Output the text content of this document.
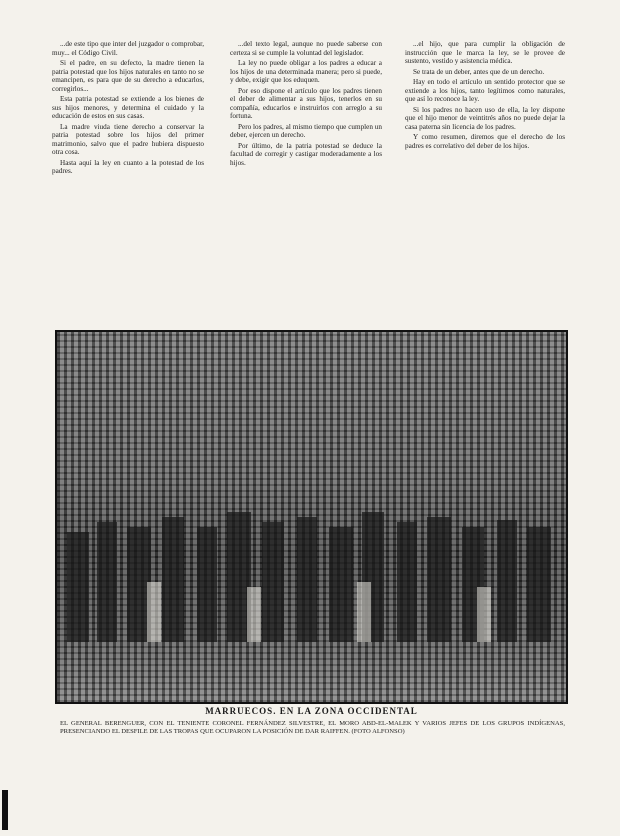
...de este tipo que inter del juzgador o comprobar, muy... el Código Civil.

Si el padre, en su defecto, la madre tienen la patria potestad que los hijos naturales en tanto no se emancipen, es para que de su derecho a educarlos, corregirlos...

Esta patria potestad se extiende a los bienes de sus hijos menores, y determina el cuidado y la educación de estos en sus casas.

La madre viuda tiene derecho a conservar la patria potestad sobre los hijos del primer matrimonio, salvo que el padre hubiera dispuesto otra cosa.

Hasta aquí la ley en cuanto a la potestad de los padres.

...del texto legal, aunque no puede saberse con certeza si se cumple la voluntad del legislador.

La ley no puede obligar a los padres a educar a los hijos de una determinada manera; pero si puede, y debe, exigir que los eduquen.

Por eso dispone el artículo que los padres tienen el deber de alimentar a sus hijos, tenerlos en su compañía, educarlos e instruirlos con arreglo a su fortuna.

Pero los padres, al mismo tiempo que cumplen un deber, ejercen un derecho.

Por último, de la patria potestad se deduce la facultad de corregir y castigar moderadamente a los hijos.

...el hijo, que para cumplir la obligación de instrucción que le marca la ley, se le provee de sustento, vestido y asistencia médica.

Se trata de un deber, antes que de un derecho.

Hay en todo el artículo un sentido protector que se extiende a los hijos, tanto legítimos como naturales, que así lo reconoce la ley.

Si los padres no hacen uso de ella, la ley dispone que el hijo menor de veintitrés años no puede dejar la casa paterna sin licencia de los padres.

Y como resumen, diremos que el derecho de los padres es correlativo del deber de los hijos.

MARRUECOS. EN LA ZONA OCCIDENTAL
EL GENERAL BERENGUER, CON EL TENIENTE CORONEL FERNÁNDEZ SILVESTRE, EL MORO ABD-EL-MALEK Y VARIOS JEFES DE LOS GRUPOS INDÍGENAS, PRESENCIANDO EL DESFILE DE LAS TROPAS QUE OCUPARON LA POSICIÓN DE DAR RAIFFEN. (FOTO ALFONSO)
